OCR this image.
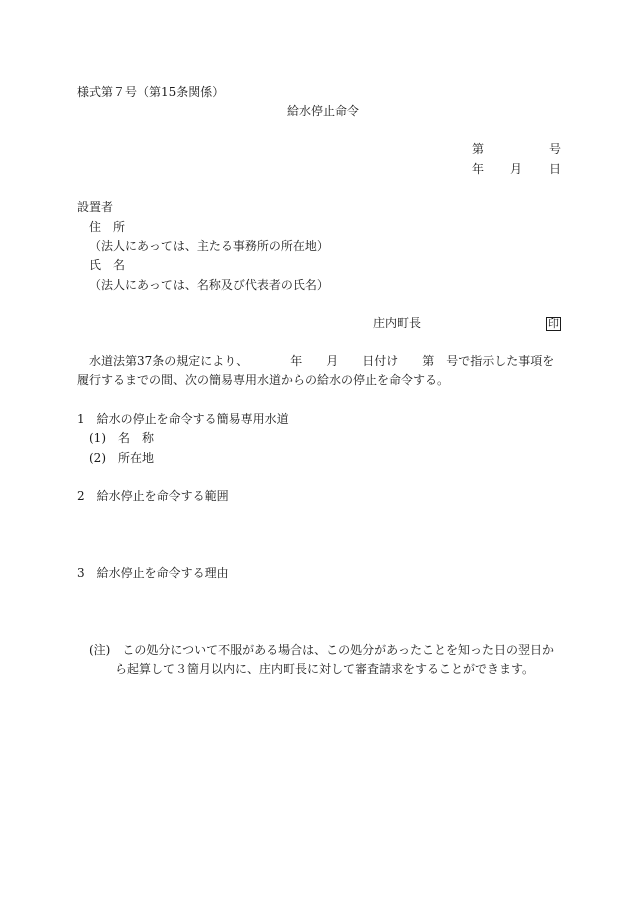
様式第７号（第15条関係）
給水停止命令
第	号
年 月 日
設置者
住　所
（法人にあっては、主たる事務所の所在地）
氏　名
（法人にあっては、名称及び代表者の氏名）
庄内町長	印
水道法第37条の規定により、　　　　年　　月　　日付け　　第　号で指示した事項を
履行するまでの間、次の簡易専用水道からの給水の停止を命令する。
1　給水の停止を命令する簡易専用水道
(1)　名　称
(2)　所在地
2　給水停止を命令する範囲
3　給水停止を命令する理由
(注)　この処分について不服がある場合は、この処分があったことを知った日の翌日か
ら起算して３箇月以内に、庄内町長に対して審査請求をすることができます。
